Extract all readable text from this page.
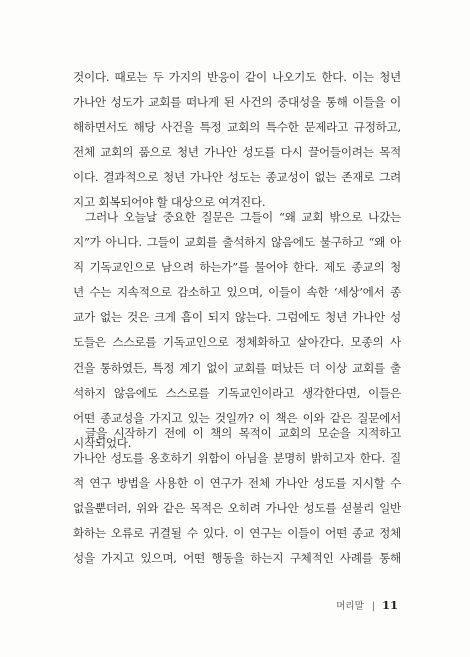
것이다. 때로는 두 가지의 반응이 같이 나오기도 한다. 이는 청년
가나안 성도가 교회를 떠나게 된 사건의 중대성을 통해 이들을 이
해하면서도 해당 사건을 특정 교회의 특수한 문제라고 규정하고,
전체 교회의 품으로 청년 가나안 성도를 다시 끌어들이려는 목적
이다. 결과적으로 청년 가나안 성도는 종교성이 없는 존재로 그려
지고 회복되어야 할 대상으로 여겨진다.
그러나 오늘날 중요한 질문은 그들이 “왜 교회 밖으로 나갔는
지”가 아니다. 그들이 교회를 출석하지 않음에도 불구하고 “왜 아
직 기독교인으로 남으려 하는가”를 물어야 한다. 제도 종교의 청
년 수는 지속적으로 감소하고 있으며, 이들이 속한 ‘세상’에서 종
교가 없는 것은 크게 흠이 되지 않는다. 그럼에도 청년 가나안 성
도들은 스스로를 기독교인으로 정체화하고 살아간다. 모종의 사
건을 통하였든, 특정 계기 없이 교회를 떠났든 더 이상 교회를 출
석하지 않음에도 스스로를 기독교인이라고 생각한다면, 이들은
어떤 종교성을 가지고 있는 것일까? 이 책은 이와 같은 질문에서
시작되었다.
글을 시작하기 전에 이 책의 목적이 교회의 모순을 지적하고
가나안 성도를 옹호하기 위함이 아님을 분명히 밝히고자 한다. 질
적 연구 방법을 사용한 이 연구가 전체 가나안 성도를 지시할 수
없을뿐더러, 위와 같은 목적은 오히려 가나안 성도를 섣불리 일반
화하는 오류로 귀결될 수 있다. 이 연구는 이들이 어떤 종교 정체
성을 가지고 있으며, 어떤 행동을 하는지 구체적인 사례를 통해
머리말 | 11
